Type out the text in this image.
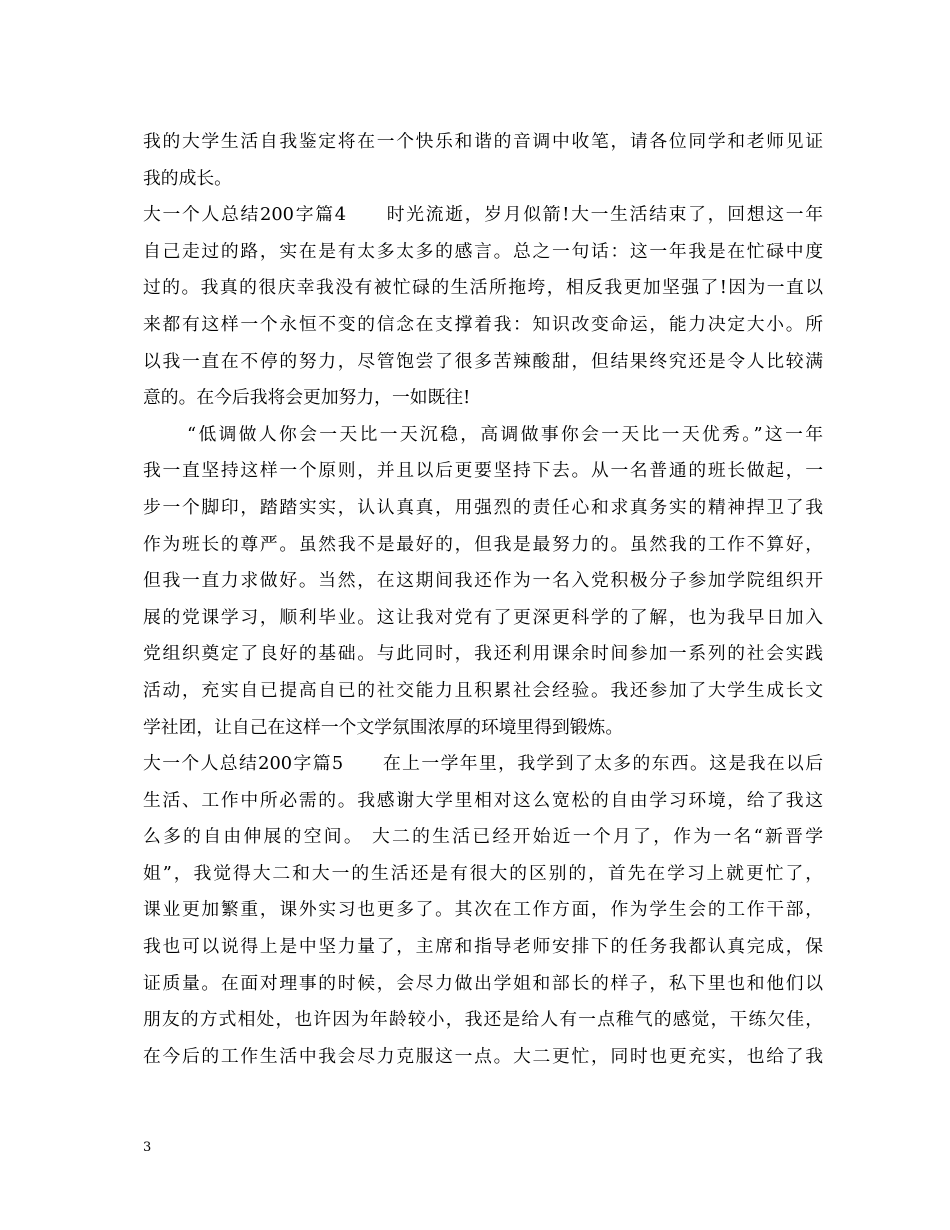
我的大学生活自我鉴定将在一个快乐和谐的音调中收笔，请各位同学和老师见证
我的成长。
大一个人总结200字篇4　　时光流逝，岁月似箭!大一生活结束了，回想这一年
自己走过的路，实在是有太多太多的感言。总之一句话：这一年我是在忙碌中度
过的。我真的很庆幸我没有被忙碌的生活所拖垮，相反我更加坚强了!因为一直以
来都有这样一个永恒不变的信念在支撑着我：知识改变命运，能力决定大小。所
以我一直在不停的努力，尽管饱尝了很多苦辣酸甜，但结果终究还是令人比较满
意的。在今后我将会更加努力，一如既往!
“低调做人你会一天比一天沉稳，高调做事你会一天比一天优秀。”这一年
我一直坚持这样一个原则，并且以后更要坚持下去。从一名普通的班长做起，一
步一个脚印，踏踏实实，认认真真，用强烈的责任心和求真务实的精神捍卫了我
作为班长的尊严。虽然我不是最好的，但我是最努力的。虽然我的工作不算好，
但我一直力求做好。当然，在这期间我还作为一名入党积极分子参加学院组织开
展的党课学习，顺利毕业。这让我对党有了更深更科学的了解，也为我早日加入
党组织奠定了良好的基础。与此同时，我还利用课余时间参加一系列的社会实践
活动，充实自已提高自已的社交能力且积累社会经验。我还参加了大学生成长文
学社团，让自己在这样一个文学氛围浓厚的环境里得到锻炼。
大一个人总结200字篇5　　在上一学年里，我学到了太多的东西。这是我在以后
生活、工作中所必需的。我感谢大学里相对这么宽松的自由学习环境，给了我这
么多的自由伸展的空间。 大二的生活已经开始近一个月了，作为一名“新晋学
姐”，我觉得大二和大一的生活还是有很大的区别的，首先在学习上就更忙了，
课业更加繁重，课外实习也更多了。其次在工作方面，作为学生会的工作干部，
我也可以说得上是中坚力量了，主席和指导老师安排下的任务我都认真完成，保
证质量。在面对理事的时候，会尽力做出学姐和部长的样子，私下里也和他们以
朋友的方式相处，也许因为年龄较小，我还是给人有一点稚气的感觉，干练欠佳，
在今后的工作生活中我会尽力克服这一点。大二更忙，同时也更充实，也给了我
3
